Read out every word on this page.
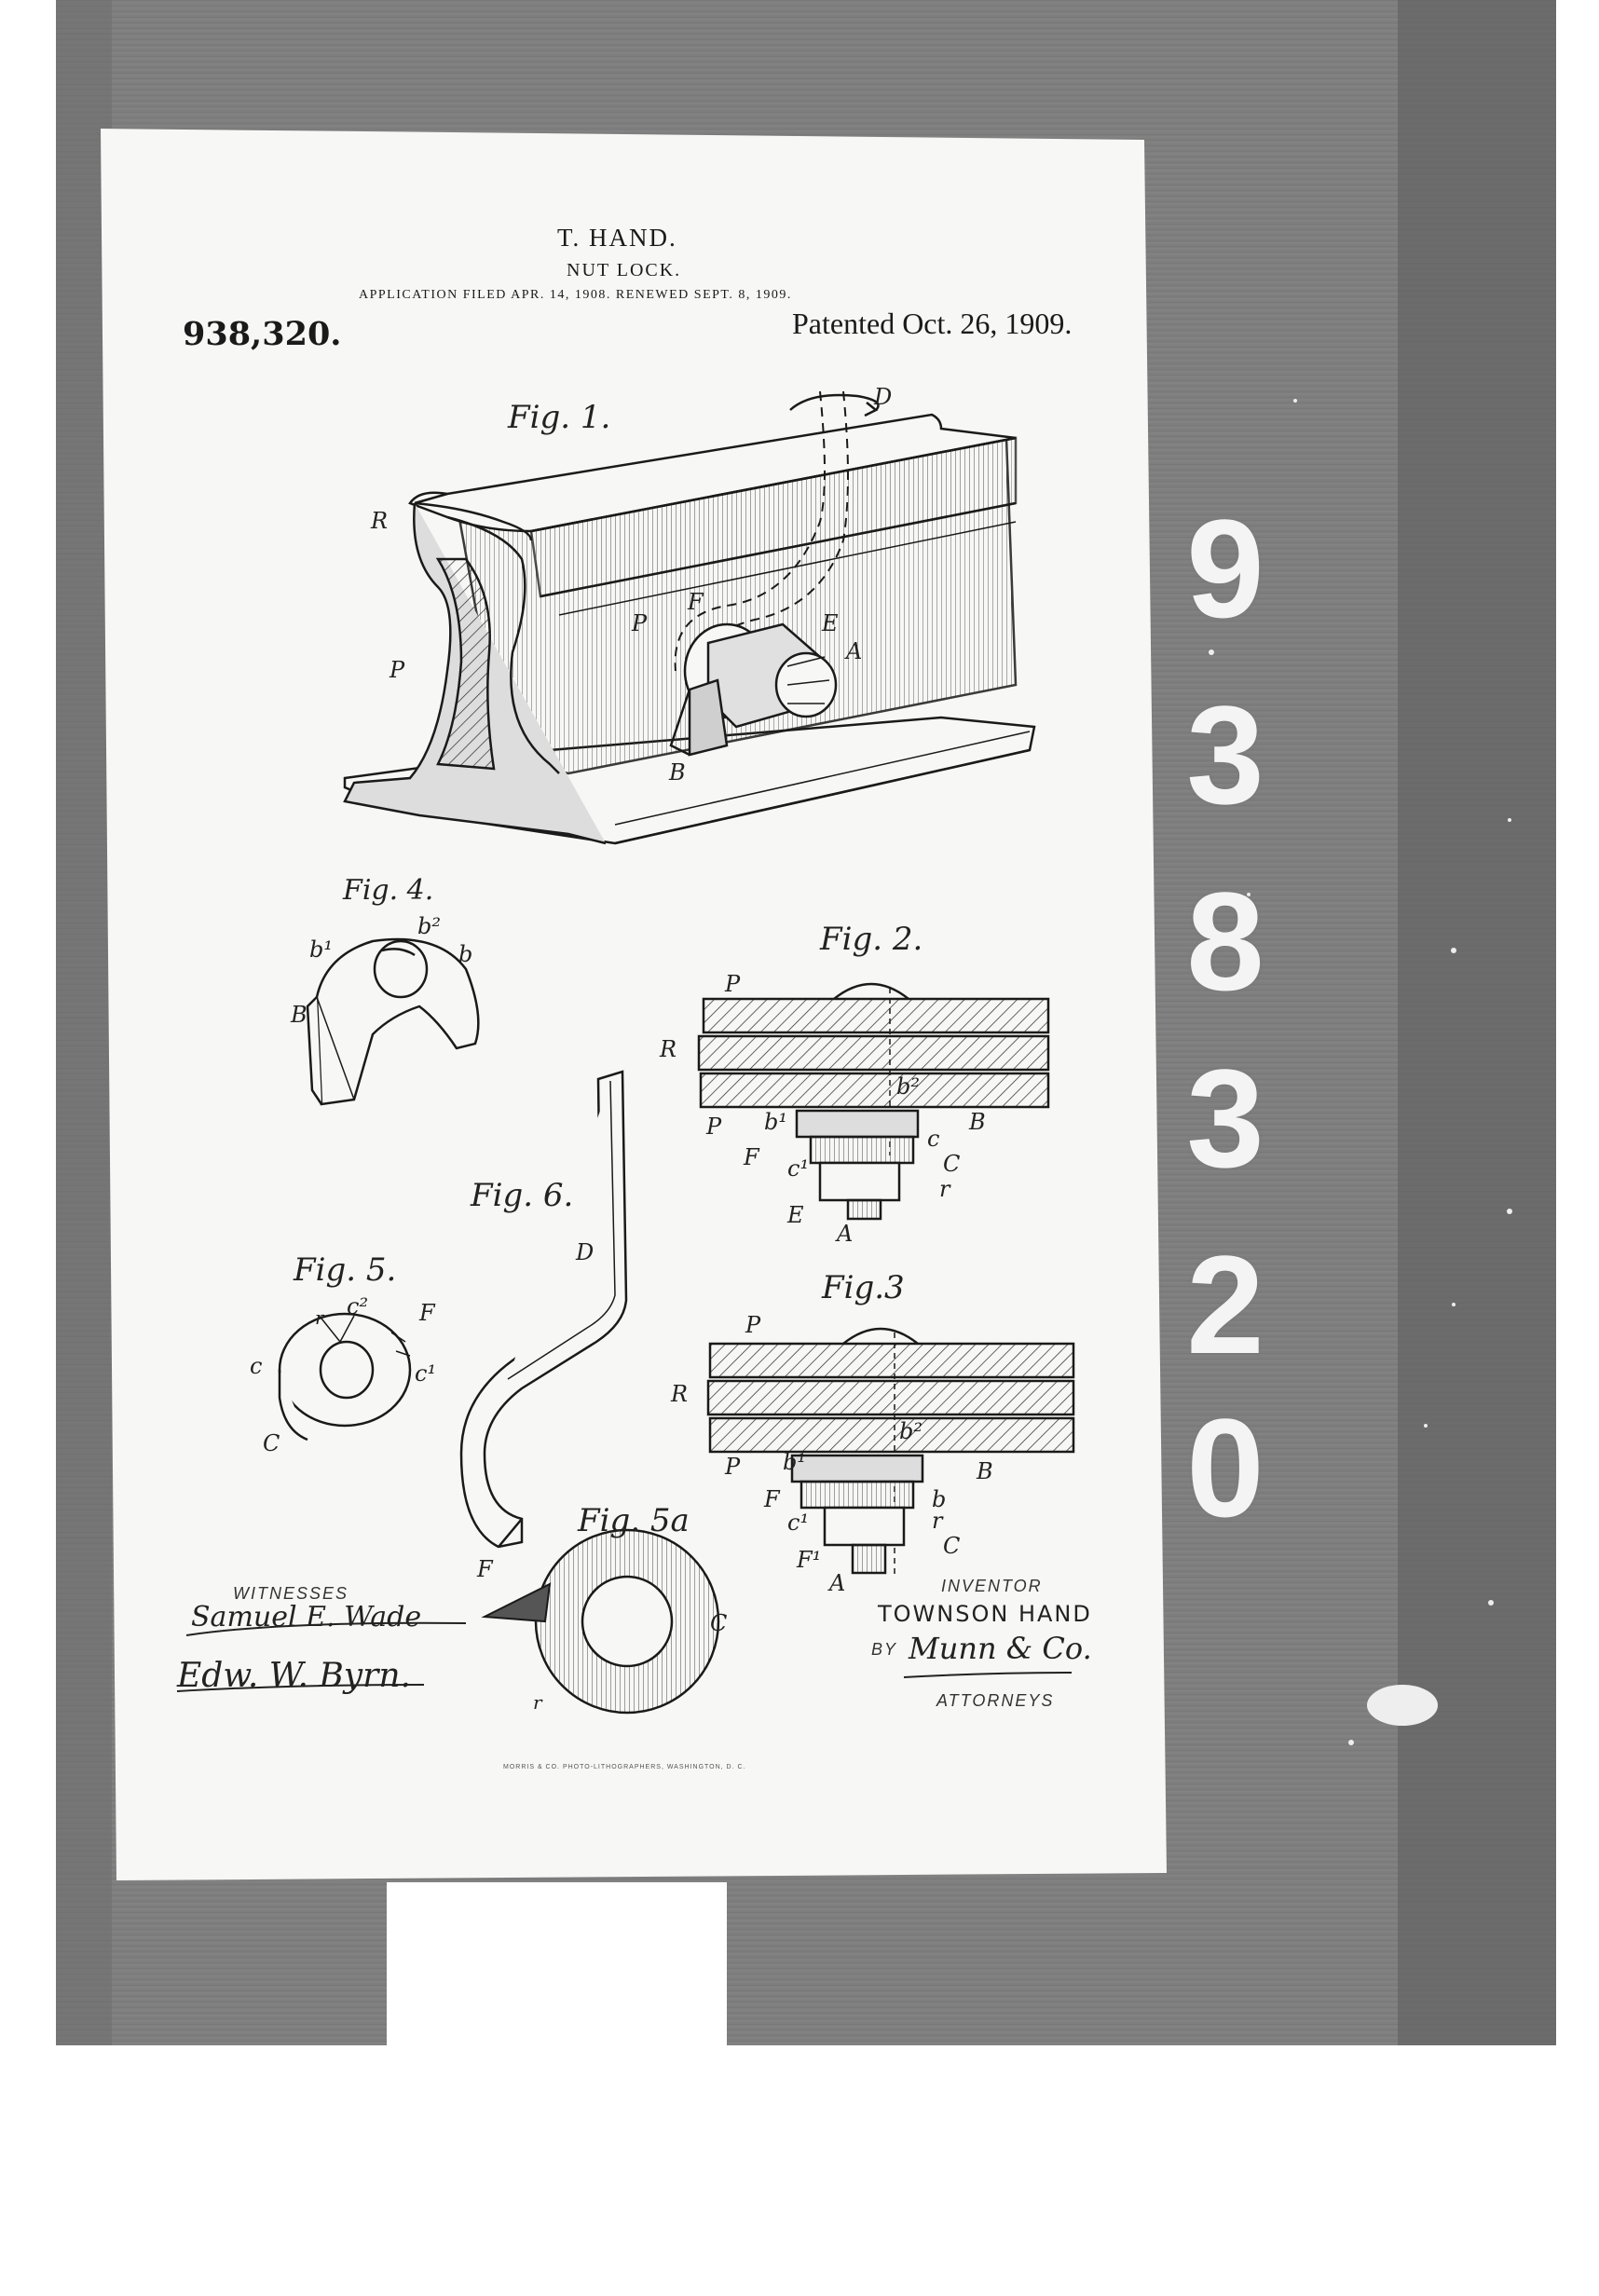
T. HAND.
NUT LOCK.
APPLICATION FILED APR. 14, 1908. RENEWED SEPT. 8, 1909.
938,320.	Patented Oct. 26, 1909.
Fig. 1.
Fig. 4.
Fig. 2.
Fig. 6.
Fig. 5.	Fig.3
Fig. 5a
D
R
P
P
F
E
A
B
b¹
b²
b
B
P
R
b²
P b¹
c
B
F c¹	C
r
E
A
D
r c² F
c	c¹
C
P
R
b²
P b¹	B
F	b
c¹	r
C
F¹
A
F
C
r
WITNESSES
Samuel E. Wade
Edw. W. Byrn.
INVENTOR
TOWNSON HAND
BY Munn & Co.
ATTORNEYS
MORRIS & CO. PHOTO-LITHOGRAPHERS, WASHINGTON, D. C.
9
3
8
3
2
0
